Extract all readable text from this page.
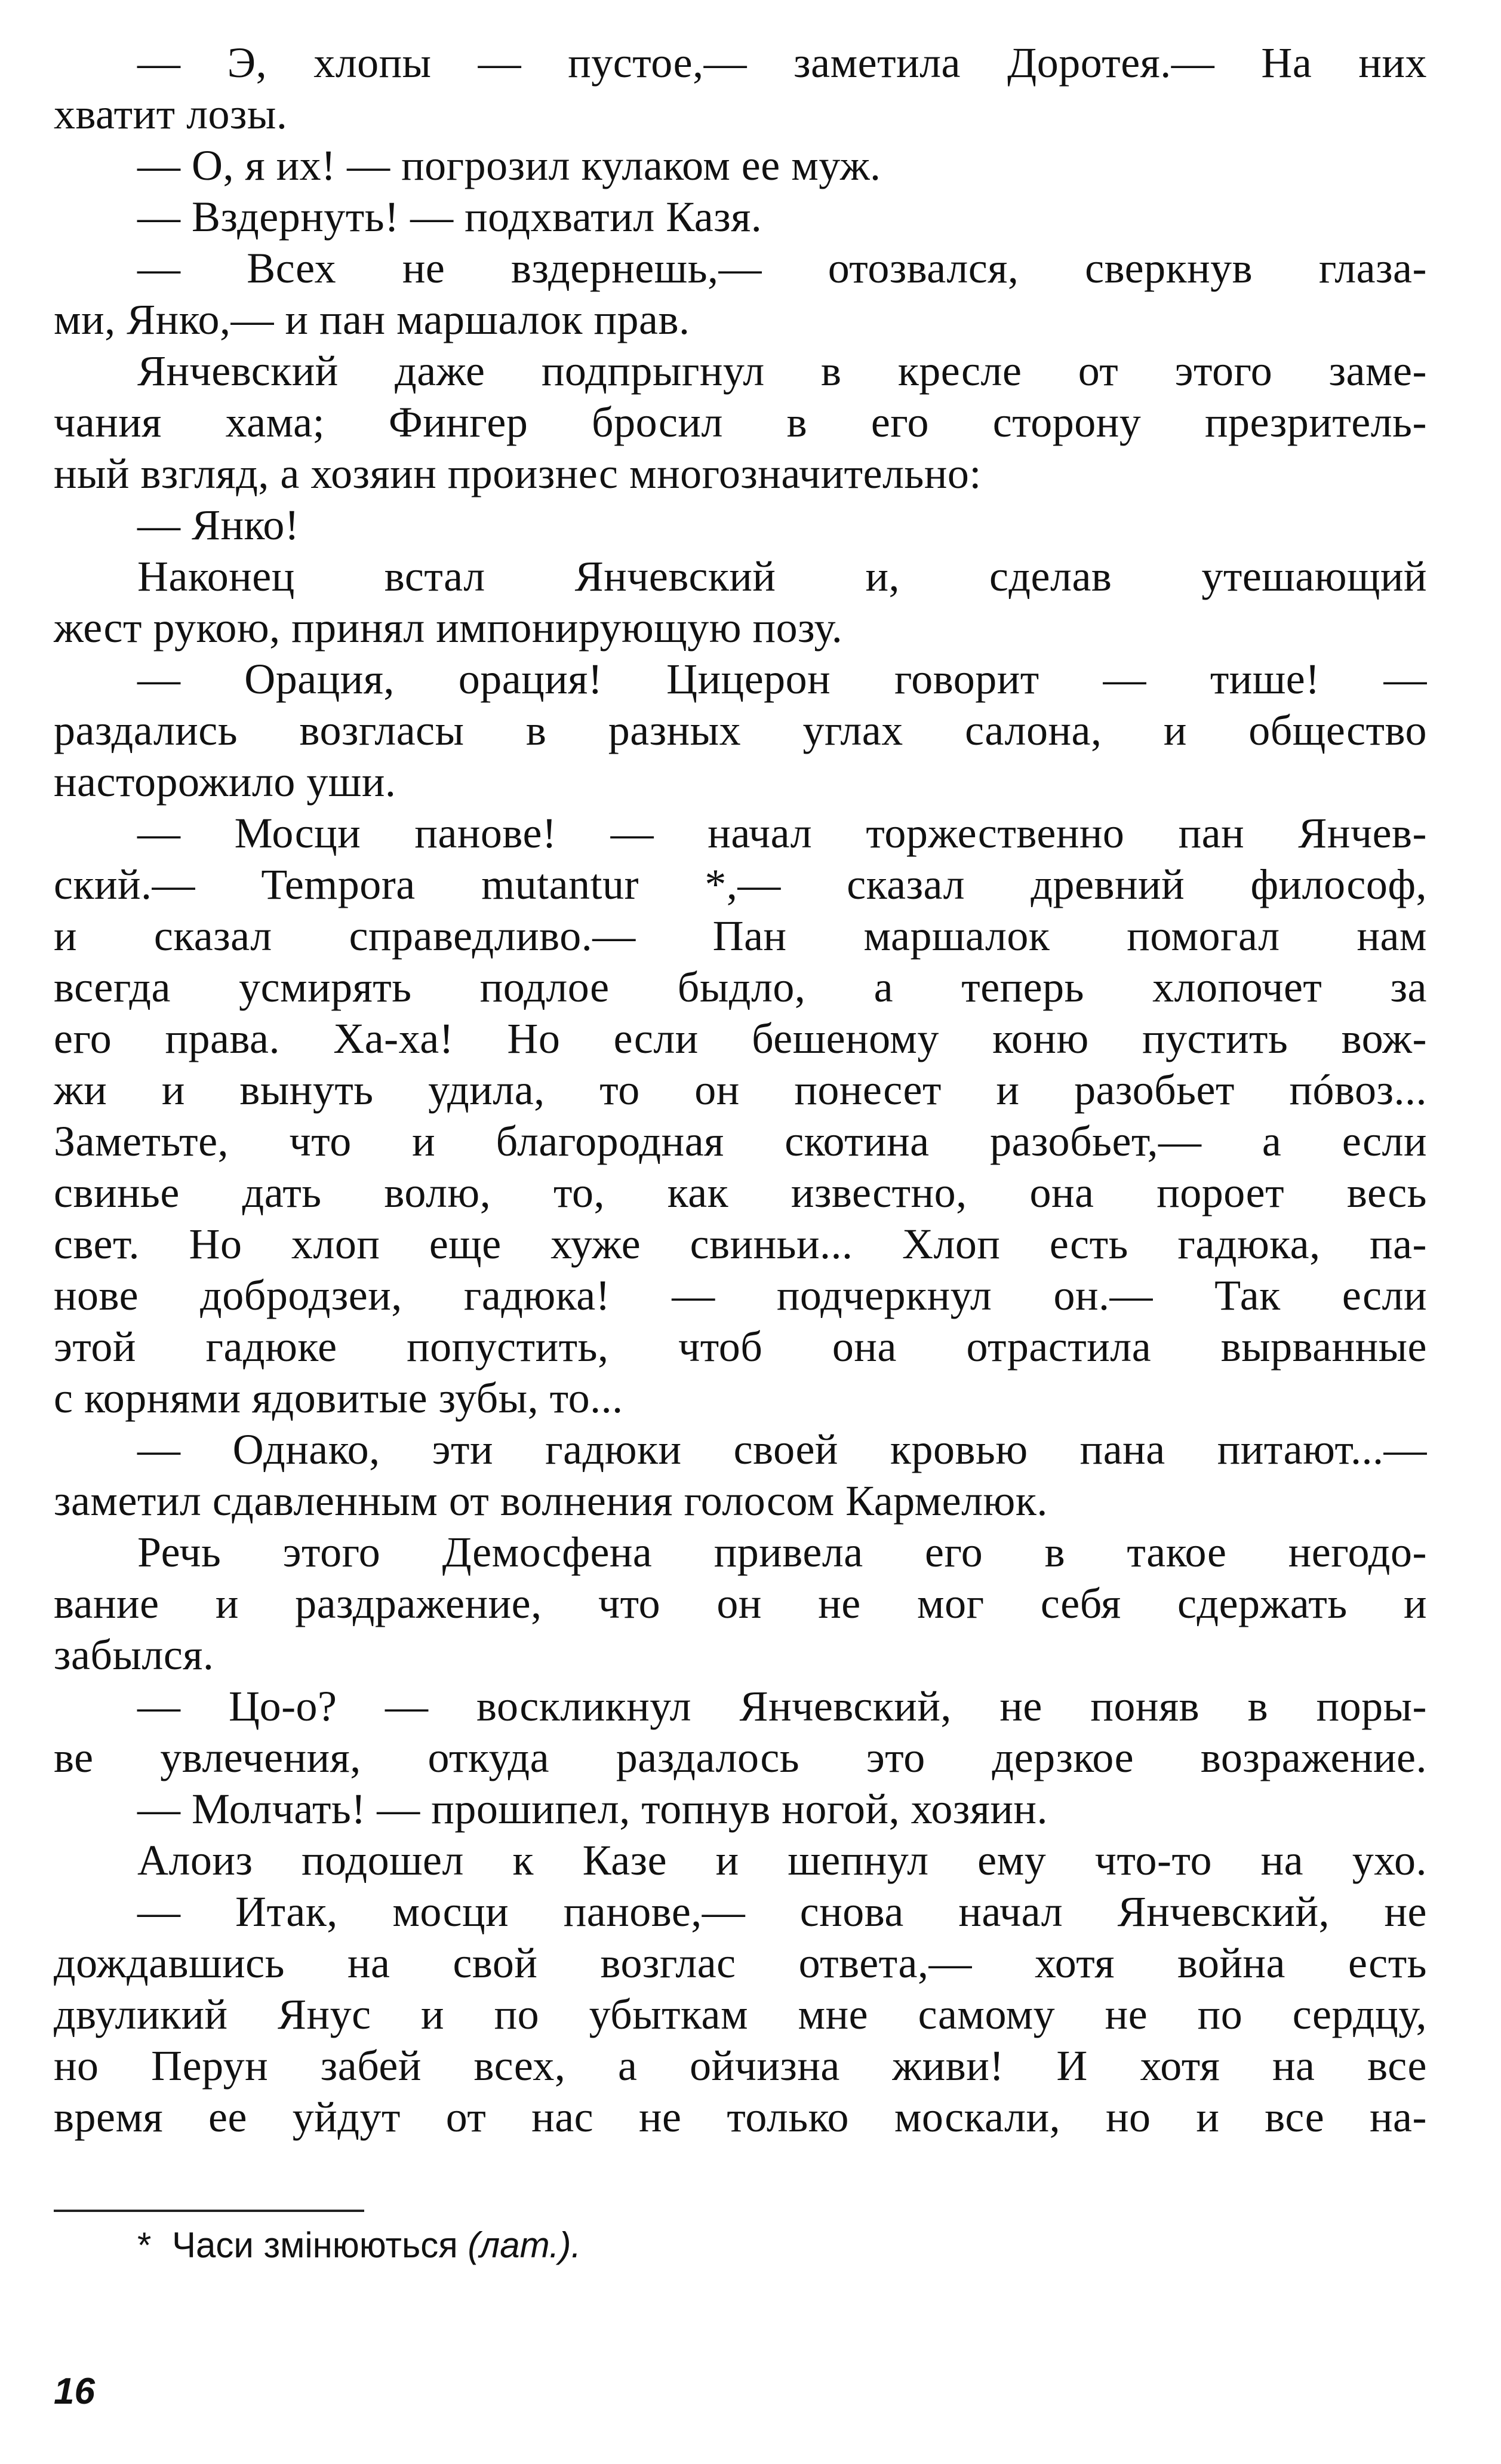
— Э, хлопы — пустое,— заметила Доротея.— На них
хватит лозы.
— О, я их! — погрозил кулаком ее муж.
— Вздернуть! — подхватил Казя.
— Всех не вздернешь,— отозвался, сверкнув глаза-
ми, Янко,— и пан маршалок прав.
Янчевский даже подпрыгнул в кресле от этого заме-
чания хама; Фингер бросил в его сторону презритель-
ный взгляд, а хозяин произнес многозначительно:
— Янко!
Наконец встал Янчевский и, сделав утешающий
жест рукою, принял импонирующую позу.
— Орация, орация! Цицерон говорит — тише! —
раздались возгласы в разных углах салона, и общество
насторожило уши.
— Мосци панове! — начал торжественно пан Янчев-
ский.— Tempora mutantur *,— сказал древний философ,
и сказал справедливо.— Пан маршалок помогал нам
всегда усмирять подлое быдло, а теперь хлопочет за
его права. Ха-ха! Но если бешеному коню пустить вож-
жи и вынуть удила, то он понесет и разобьет пóвоз...
Заметьте, что и благородная скотина разобьет,— а если
свинье дать волю, то, как известно, она пороет весь
свет. Но хлоп еще хуже свиньи... Хлоп есть гадюка, па-
нове добродзеи, гадюка! — подчеркнул он.— Так если
этой гадюке попустить, чтоб она отрастила вырванные
с корнями ядовитые зубы, то...
— Однако, эти гадюки своей кровью пана питают...—
заметил сдавленным от волнения голосом Кармелюк.
Речь этого Демосфена привела его в такое негодо-
вание и раздражение, что он не мог себя сдержать и
забылся.
— Цо-о? — воскликнул Янчевский, не поняв в поры-
ве увлечения, откуда раздалось это дерзкое возражение.
— Молчать! — прошипел, топнув ногой, хозяин.
Алоиз подошел к Казе и шепнул ему что-то на ухо.
— Итак, мосци панове,— снова начал Янчевский, не
дождавшись на свой возглас ответа,— хотя война есть
двуликий Янус и по убыткам мне самому не по сердцу,
но Перун забей всех, а ойчизна живи! И хотя на все
время ее уйдут от нас не только москали, но и все на-
* Часи змінюються (лат.).
16
